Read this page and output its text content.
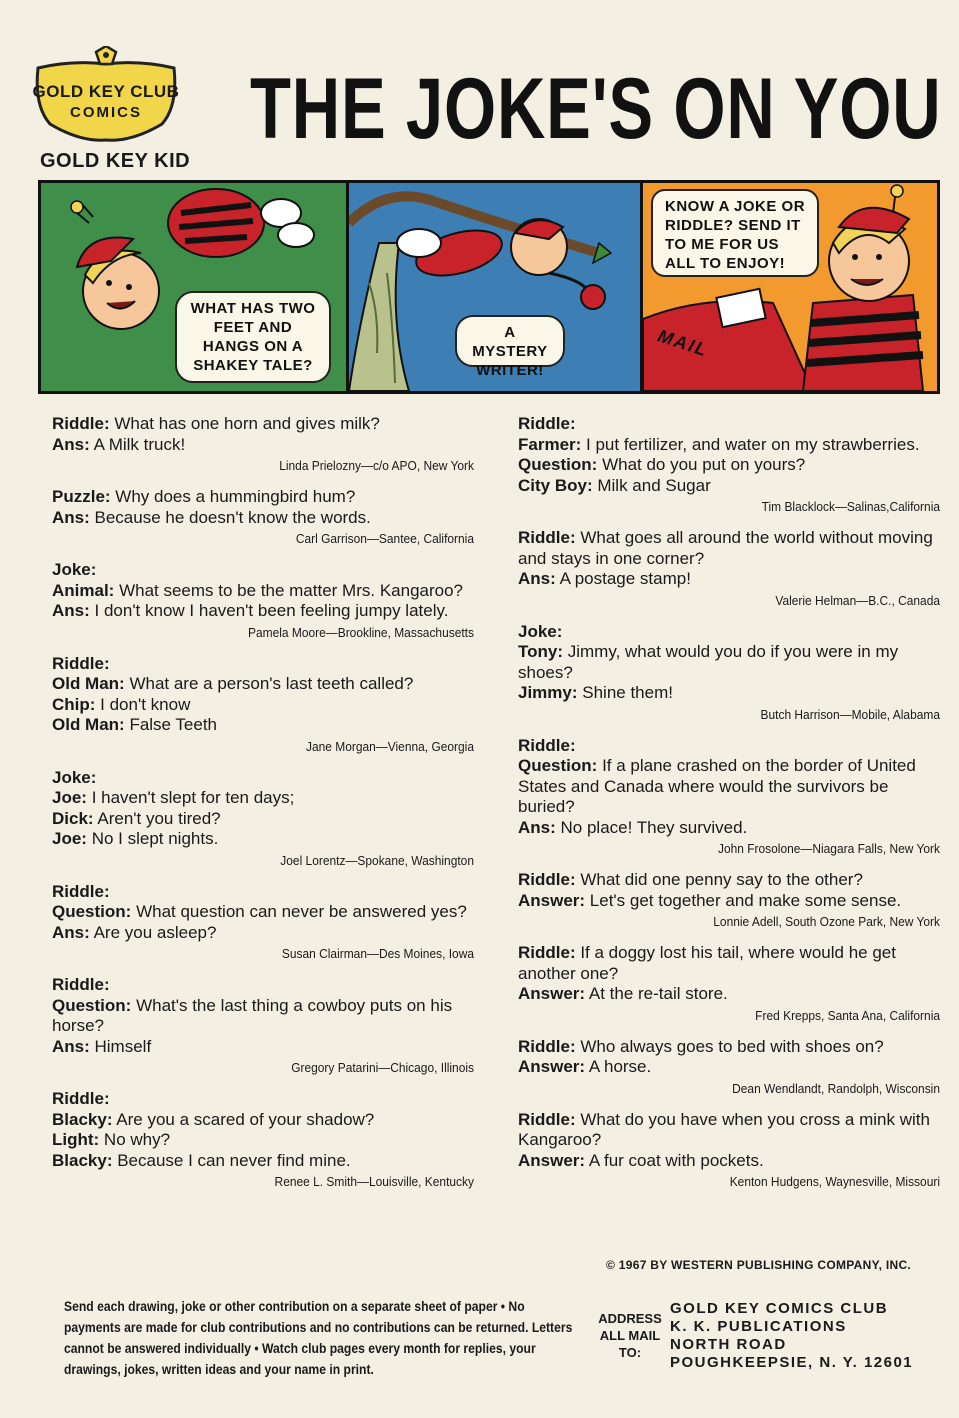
GOLD KEY CLUB
COMICS	THE JOKE'S ON YOU
GOLD KEY KID
WHAT HAS TWO FEET AND HANGS ON A SHAKEY TALE?
A MYSTERY WRITER!
MAIL
KNOW A JOKE OR RIDDLE? SEND IT TO ME FOR US ALL TO ENJOY!
Riddle: What has one horn and gives milk?
Ans: A Milk truck!
Linda Prielozny—c/o APO, New York
Puzzle: Why does a hummingbird hum?
Ans: Because he doesn't know the words.
Carl Garrison—Santee, California
Joke:
Animal: What seems to be the matter Mrs. Kangaroo?
Ans: I don't know I haven't been feeling jumpy lately.
Pamela Moore—Brookline, Massachusetts
Riddle:
Old Man: What are a person's last teeth called?
Chip: I don't know
Old Man: False Teeth
Jane Morgan—Vienna, Georgia
Joke:
Joe: I haven't slept for ten days;
Dick: Aren't you tired?
Joe: No I slept nights.
Joel Lorentz—Spokane, Washington
Riddle:
Question: What question can never be answered yes?
Ans: Are you asleep?
Susan Clairman—Des Moines, Iowa
Riddle:
Question: What's the last thing a cowboy puts on his horse?
Ans: Himself
Gregory Patarini—Chicago, Illinois
Riddle:
Blacky: Are you a scared of your shadow?
Light: No why?
Blacky: Because I can never find mine.
Renee L. Smith—Louisville, Kentucky
Riddle:
Farmer: I put fertilizer, and water on my strawberries.
Question: What do you put on yours?
City Boy: Milk and Sugar
Tim Blacklock—Salinas,California
Riddle: What goes all around the world without moving and stays in one corner?
Ans: A postage stamp!
Valerie Helman—B.C., Canada
Joke:
Tony: Jimmy, what would you do if you were in my shoes?
Jimmy: Shine them!
Butch Harrison—Mobile, Alabama
Riddle:
Question: If a plane crashed on the border of United States and Canada where would the survivors be buried?
Ans: No place! They survived.
John Frosolone—Niagara Falls, New York
Riddle: What did one penny say to the other?
Answer: Let's get together and make some sense.
Lonnie Adell, South Ozone Park, New York
Riddle: If a doggy lost his tail, where would he get another one?
Answer: At the re-tail store.
Fred Krepps, Santa Ana, California
Riddle: Who always goes to bed with shoes on?
Answer: A horse.
Dean Wendlandt, Randolph, Wisconsin
Riddle: What do you have when you cross a mink with Kangaroo?
Answer: A fur coat with pockets.
Kenton Hudgens, Waynesville, Missouri
© 1967 BY WESTERN PUBLISHING COMPANY, INC.
Send each drawing, joke or other contribution on a separate sheet of paper • No payments are made for club contributions and no contributions can be returned. Letters cannot be answered individually • Watch club pages every month for replies, your drawings, jokes, written ideas and your name in print.
ADDRESS ALL MAIL TO:
GOLD KEY COMICS CLUB
K. K. PUBLICATIONS
NORTH ROAD
POUGHKEEPSIE, N. Y. 12601
